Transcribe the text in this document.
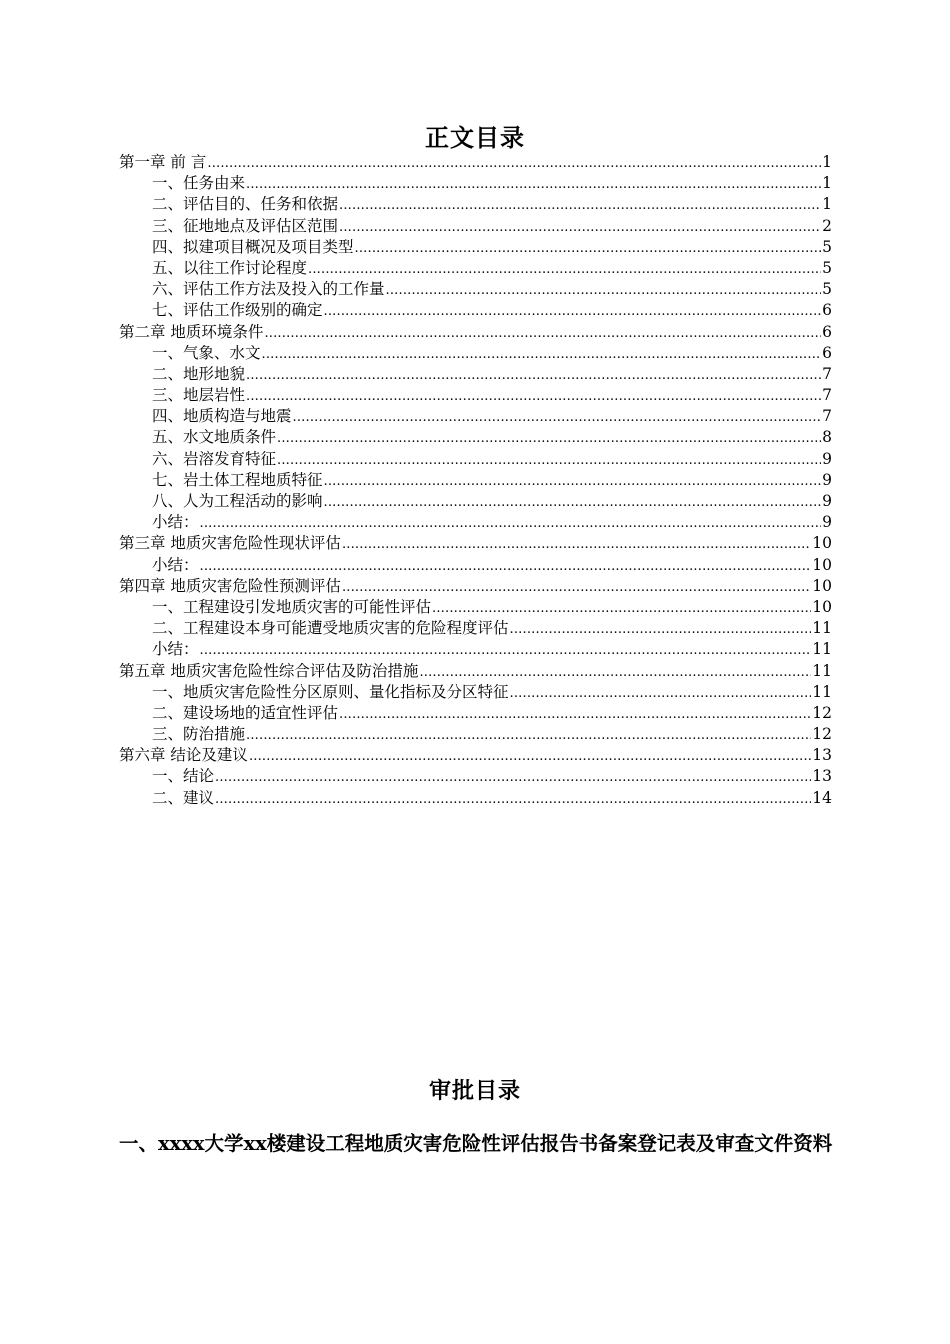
正文目录
第一章 前 言 .....	1
一、任务由来 .....	1
二、评估目的、任务和依据 .....	1
三、征地地点及评估区范围 .....	2
四、拟建项目概况及项目类型 .....	5
五、以往工作讨论程度 .....	5
六、评估工作方法及投入的工作量 .....	5
七、评估工作级别的确定 .....	6
第二章 地质环境条件 .....	6
一、气象、水文 .....	6
二、地形地貌 .....	7
三、地层岩性 .....	7
四、地质构造与地震 .....	7
五、水文地质条件 .....	8
六、岩溶发育特征 .....	9
七、岩土体工程地质特征 .....	9
八、人为工程活动的影响 .....	9
小结： .....	9
第三章 地质灾害危险性现状评估 .....	10
小结： .....	10
第四章 地质灾害危险性预测评估 .....	10
一、工程建设引发地质灾害的可能性评估 .....	10
二、工程建设本身可能遭受地质灾害的危险程度评估 .....	11
小结： .....	11
第五章 地质灾害危险性综合评估及防治措施 .....	11
一、地质灾害危险性分区原则、量化指标及分区特征 .....	11
二、建设场地的适宜性评估 .....	12
三、防治措施 .....	12
第六章 结论及建议 .....	13
一、结论 .....	13
二、建议 .....	14
审批目录
一、xxxx大学xx楼建设工程地质灾害危险性评估报告书备案登记表及审查文件资料
